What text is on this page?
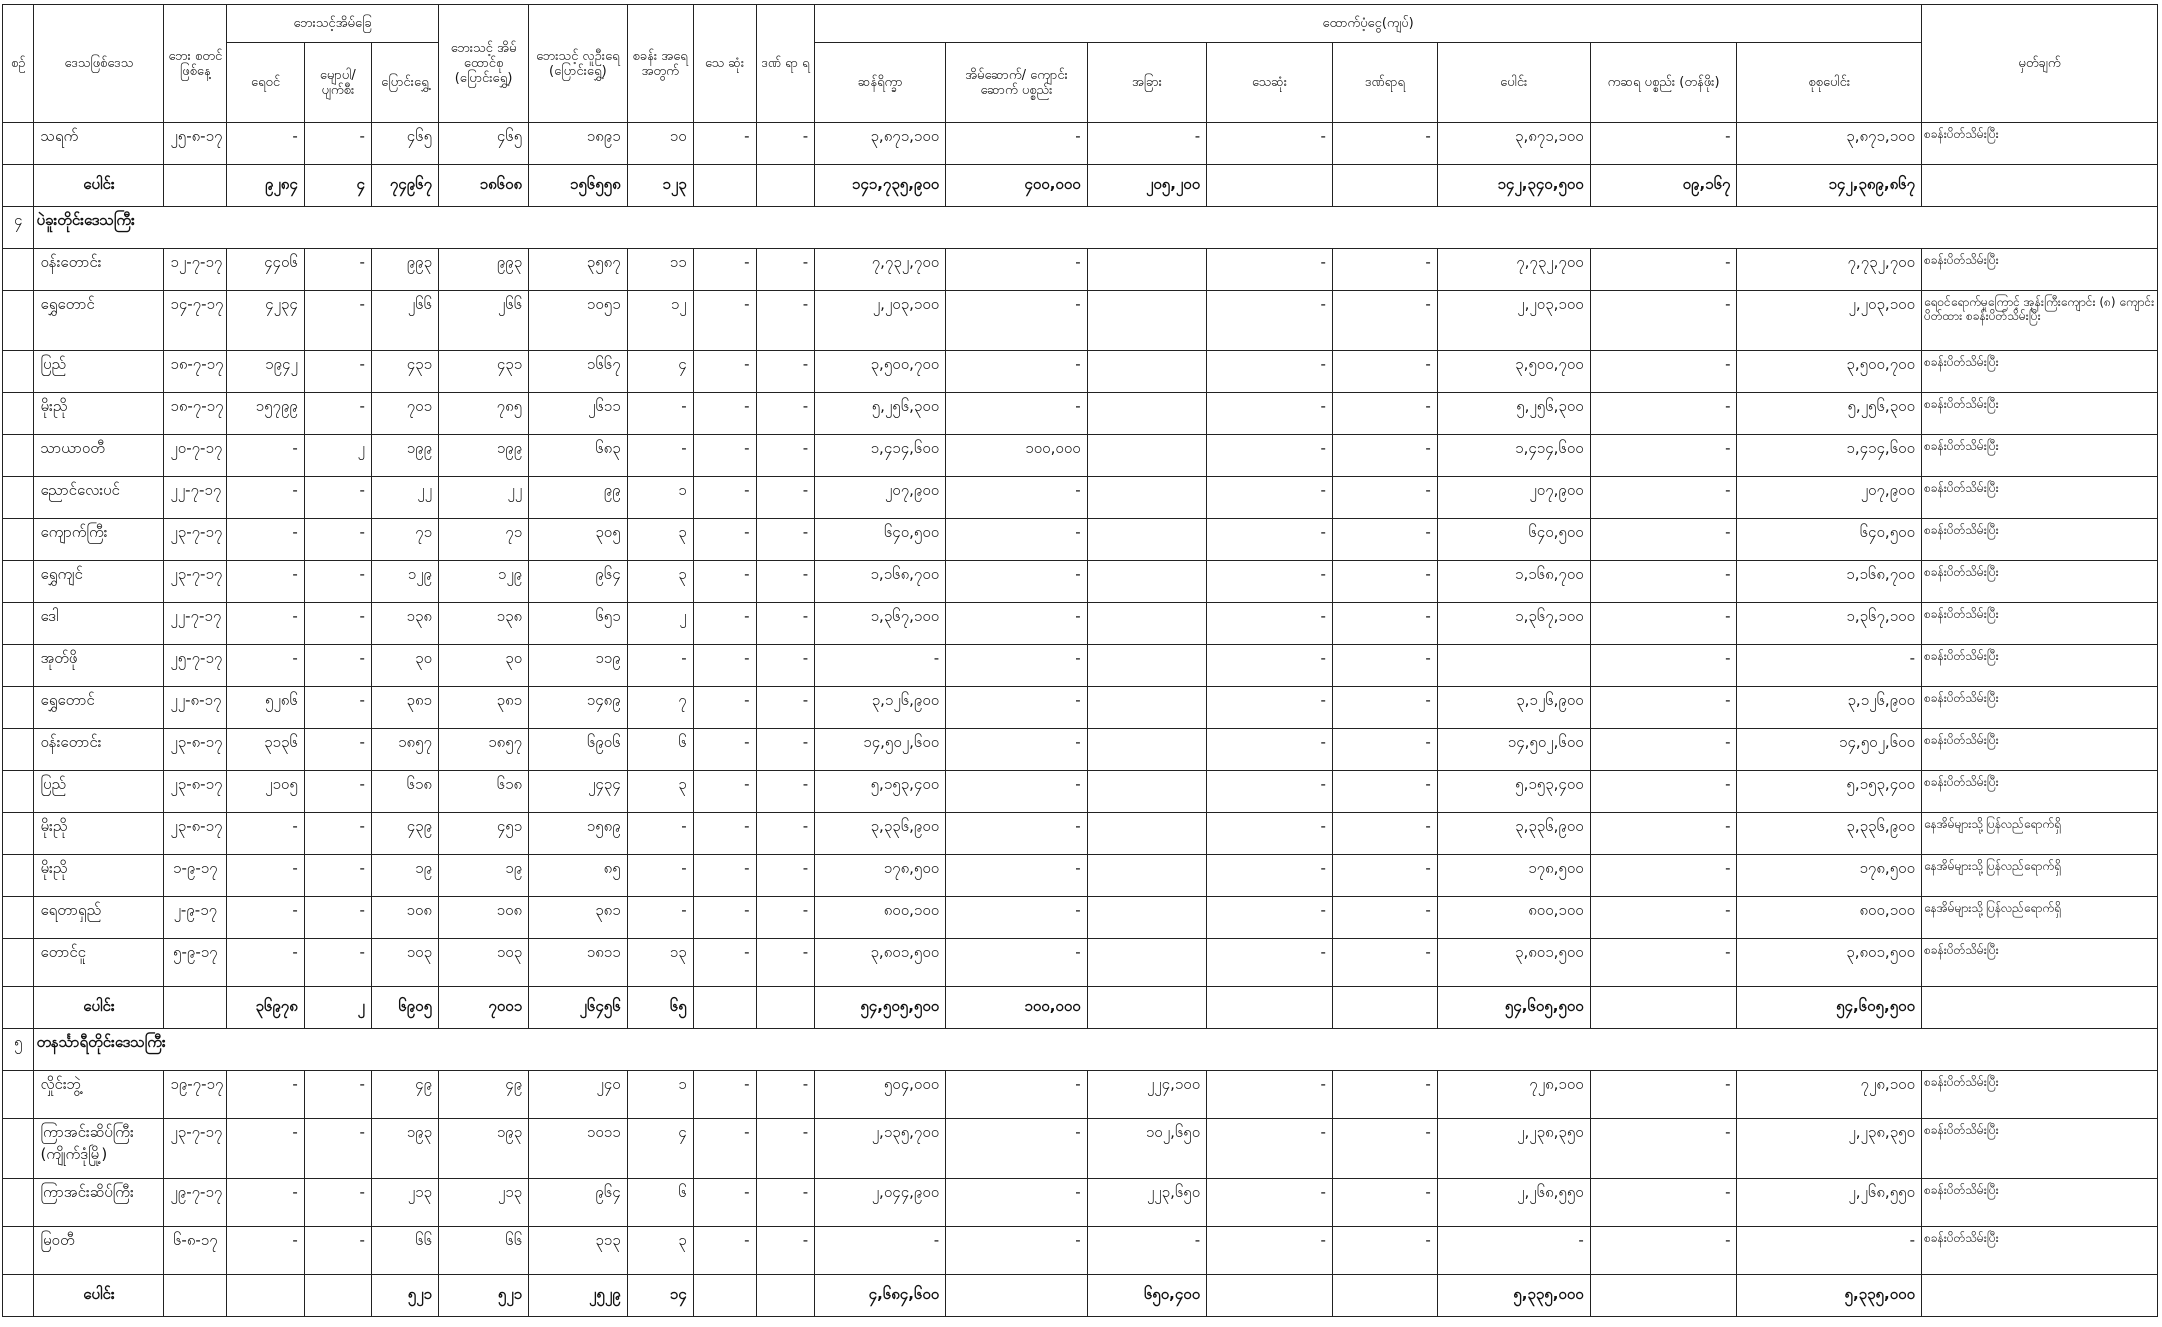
စဉ်	ဒေသဖြစ်ဒေသ	ဘေး စတင် ဖြစ်နေ့	ဘေးသင့်အိမ်ခြေ			ဘေးသင့် အိမ် ထောင်စု (ပြောင်းရွှေ့)	ဘေးသင့် လူဦးရေ (ပြောင်းရွှေ့)	စခန်း အရေ အတွက်	သေ ဆုံး	ဒဏ် ရာ ရ	ထောက်ပံ့ငွေ(ကျပ်)								မှတ်ချက်
			ရေဝင်	မျောပါ/ ပျက်စီး	ပြောင်းရွှေ့						ဆန်ရိက္ခာ	အိမ်ဆောက်/ ကျောင်းဆောက် ပစ္စည်း	အခြား	သေဆုံး	ဒဏ်ရာရ	ပေါင်း	ကဆရ ပစ္စည်း (တန်ဖိုး)	စုစုပေါင်း	
	သရက်	၂၅-၈-၁၇	-	-	၄၆၅	၄၆၅	၁၈၉၁	၁၀	-	-	၃,၈၇၁,၁၀၀	-	-	-	-	၃,၈၇၁,၁၀၀	-	၃,၈၇၁,၁၀၀	စခန်းပိတ်သိမ်းပြီး
	ပေါင်း		၉၂၈၄	၄	၇၄၉၆၇	၁၈၆၀၈	၁၅၆၅၅၈	၁၂၃			၁၄၁,၇၃၅,၉၀၀	၄၀၀,၀၀၀	၂၀၅,၂၀၀			၁၄၂,၃၄၀,၅၀၀	၀၉,၁၆၇	၁၄၂,၃၈၉,၈၆၇	
၄	ပဲခူးတိုင်းဒေသကြီး																		
	ဝန်းတောင်း	၁၂-၇-၁၇	၄၄၀၆	-	၉၉၃	၉၉၃	၃၅၈၇	၁၁	-	-	၇,၇၃၂,၇၀၀	-		-	-	၇,၇၃၂,၇၀၀	-	၇,၇၃၂,၇၀၀	စခန်းပိတ်သိမ်းပြီး
	ရွှေတောင်	၁၄-၇-၁၇	၄၂၃၄	-	၂၆၆	၂၆၆	၁၀၅၁	၁၂	-	-	၂,၂၀၃,၁၀၀	-		-	-	၂,၂၀၃,၁၀၀	-	၂,၂၀၃,၁၀၀	ရေဝင်ရောက်မှုကြောင့် အုန်းကြီးကျောင်း (၈) ကျောင်းပိတ်ထား စခန်းပိတ်သိမ်းပြီး
	ပြည်	၁၈-၇-၁၇	၁၉၄၂	-	၄၃၁	၄၃၁	၁၆၆၇	၄	-	-	၃,၅၀၀,၇၀၀	-		-	-	၃,၅၀၀,၇၀၀	-	၃,၅၀၀,၇၀၀	စခန်းပိတ်သိမ်းပြီး
	မိုးညို	၁၈-၇-၁၇	၁၅၇၉၉	-	၇၀၁	၇၈၅	၂၆၁၁	-	-	-	၅,၂၅၆,၃၀၀	-		-	-	၅,၂၅၆,၃၀၀	-	၅,၂၅၆,၃၀၀	စခန်းပိတ်သိမ်းပြီး
	သာယာဝတီ	၂၀-၇-၁၇	-	၂	၁၉၉	၁၉၉	၆၈၃	-	-	-	၁,၄၁၄,၆၀၀	၁၀၀,၀၀၀		-	-	၁,၄၁၄,၆၀၀	-	၁,၄၁၄,၆၀၀	စခန်းပိတ်သိမ်းပြီး
	ညောင်လေးပင်	၂၂-၇-၁၇	-	-	၂၂	၂၂	၉၉	၁	-	-	၂၀၇,၉၀၀	-		-	-	၂၀၇,၉၀၀	-	၂၀၇,၉၀၀	စခန်းပိတ်သိမ်းပြီး
	ကျောက်ကြီး	၂၃-၇-၁၇	-	-	၇၁	၇၁	၃၀၅	၃	-	-	၆၄၀,၅၀၀	-		-	-	၆၄၀,၅၀၀	-	၆၄၀,၅၀၀	စခန်းပိတ်သိမ်းပြီး
	ရွှေကျင်	၂၃-၇-၁၇	-	-	၁၂၉	၁၂၉	၉၆၄	၃	-	-	၁,၁၆၈,၇၀၀	-		-	-	၁,၁၆၈,၇၀၀	-	၁,၁၆၈,၇၀၀	စခန်းပိတ်သိမ်းပြီး
	ဒေါ	၂၂-၇-၁၇	-	-	၁၃၈	၁၃၈	၆၅၁	၂	-	-	၁,၃၆၇,၁၀၀	-		-	-	၁,၃၆၇,၁၀၀	-	၁,၃၆၇,၁၀၀	စခန်းပိတ်သိမ်းပြီး
	အုတ်ဖို	၂၅-၇-၁၇	-	-	၃၀	၃၀	၁၁၉	-	-	-	-	-		-	-		-	-	စခန်းပိတ်သိမ်းပြီး
	ရွှေတောင်	၂၂-၈-၁၇	၅၂၈၆	-	၃၈၁	၃၈၁	၁၄၈၉	၇	-	-	၃,၁၂၆,၉၀၀	-		-	-	၃,၁၂၆,၉၀၀	-	၃,၁၂၆,၉၀၀	စခန်းပိတ်သိမ်းပြီး
	ဝန်းတောင်း	၂၃-၈-၁၇	၃၁၃၆	-	၁၈၅၇	၁၈၅၇	၆၉၀၆	၆	-	-	၁၄,၅၀၂,၆၀၀	-		-	-	၁၄,၅၀၂,၆၀၀	-	၁၄,၅၀၂,၆၀၀	စခန်းပိတ်သိမ်းပြီး
	ပြည်	၂၃-၈-၁၇	၂၁၀၅	-	၆၁၈	၆၁၈	၂၄၃၄	၃	-	-	၅,၁၅၃,၄၀၀	-		-	-	၅,၁၅၃,၄၀၀	-	၅,၁၅၃,၄၀၀	စခန်းပိတ်သိမ်းပြီး
	မိုးညို	၂၃-၈-၁၇	-	-	၄၃၉	၄၅၁	၁၅၈၉	-	-	-	၃,၃၃၆,၉၀၀	-		-	-	၃,၃၃၆,၉၀၀	-	၃,၃၃၆,၉၀၀	နေအိမ်များသို့ပြန်လည်ရောက်ရှိ
	မိုးညို	၁-၉-၁၇	-	-	၁၉	၁၉	၈၅	-	-	-	၁၇၈,၅၀၀	-		-	-	၁၇၈,၅၀၀	-	၁၇၈,၅၀၀	နေအိမ်များသို့ပြန်လည်ရောက်ရှိ
	ရေတာရှည်	၂-၉-၁၇	-	-	၁၀၈	၁၀၈	၃၈၁	-	-	-	၈၀၀,၁၀၀	-		-	-	၈၀၀,၁၀၀	-	၈၀၀,၁၀၀	နေအိမ်များသို့ပြန်လည်ရောက်ရှိ
	တောင်ငူ	၅-၉-၁၇	-	-	၁၀၃	၁၀၃	၁၈၁၁	၁၃	-	-	၃,၈၀၁,၅၀၀	-		-	-	၃,၈၀၁,၅၀၀	-	၃,၈၀၁,၅၀၀	စခန်းပိတ်သိမ်းပြီး
	ပေါင်း		၃၆၉၇၈	၂	၆၉၀၅	၇၀၀၁	၂၆၄၅၆	၆၅			၅၄,၅၀၅,၅၀၀	၁၀၀,၀၀၀				၅၄,၆၀၅,၅၀၀		၅၄,၆၀၅,၅၀၀	
၅	တနင်္သာရီတိုင်းဒေသကြီး																		
	လှိုင်းဘွဲ့	၁၉-၇-၁၇	-	-	၄၉	၄၉	၂၄၀	၁	-	-	၅၀၄,၀၀၀	-	၂၂၄,၁၀၀	-	-	၇၂၈,၁၀၀	-	၇၂၈,၁၀၀	စခန်းပိတ်သိမ်းပြီး
	ကြာအင်းဆိပ်ကြီး (ကျိုက်ဒုံမြို့)	၂၃-၇-၁၇	-	-	၁၉၃	၁၉၃	၁၀၁၁	၄	-	-	၂,၁၃၅,၇၀၀	-	၁၀၂,၆၅၀	-	-	၂,၂၃၈,၃၅၀	-	၂,၂၃၈,၃၅၀	စခန်းပိတ်သိမ်းပြီး
	ကြာအင်းဆိပ်ကြီး	၂၉-၇-၁၇	-	-	၂၁၃	၂၁၃	၉၆၄	၆	-	-	၂,၀၄၄,၉၀၀	-	၂၂၃,၆၅၀	-	-	၂,၂၆၈,၅၅၀	-	၂,၂၆၈,၅၅၀	စခန်းပိတ်သိမ်းပြီး
	မြဝတီ	၆-၈-၁၇	-	-	၆၆	၆၆	၃၁၃	၃	-	-	-	-	-	-	-	-	-	-	စခန်းပိတ်သိမ်းပြီး
	ပေါင်း				၅၂၁	၅၂၁	၂၅၂၉	၁၄			၄,၆၈၄,၆၀၀		၆၅၀,၄၀၀			၅,၃၃၅,၀၀၀		၅,၃၃၅,၀၀၀	
